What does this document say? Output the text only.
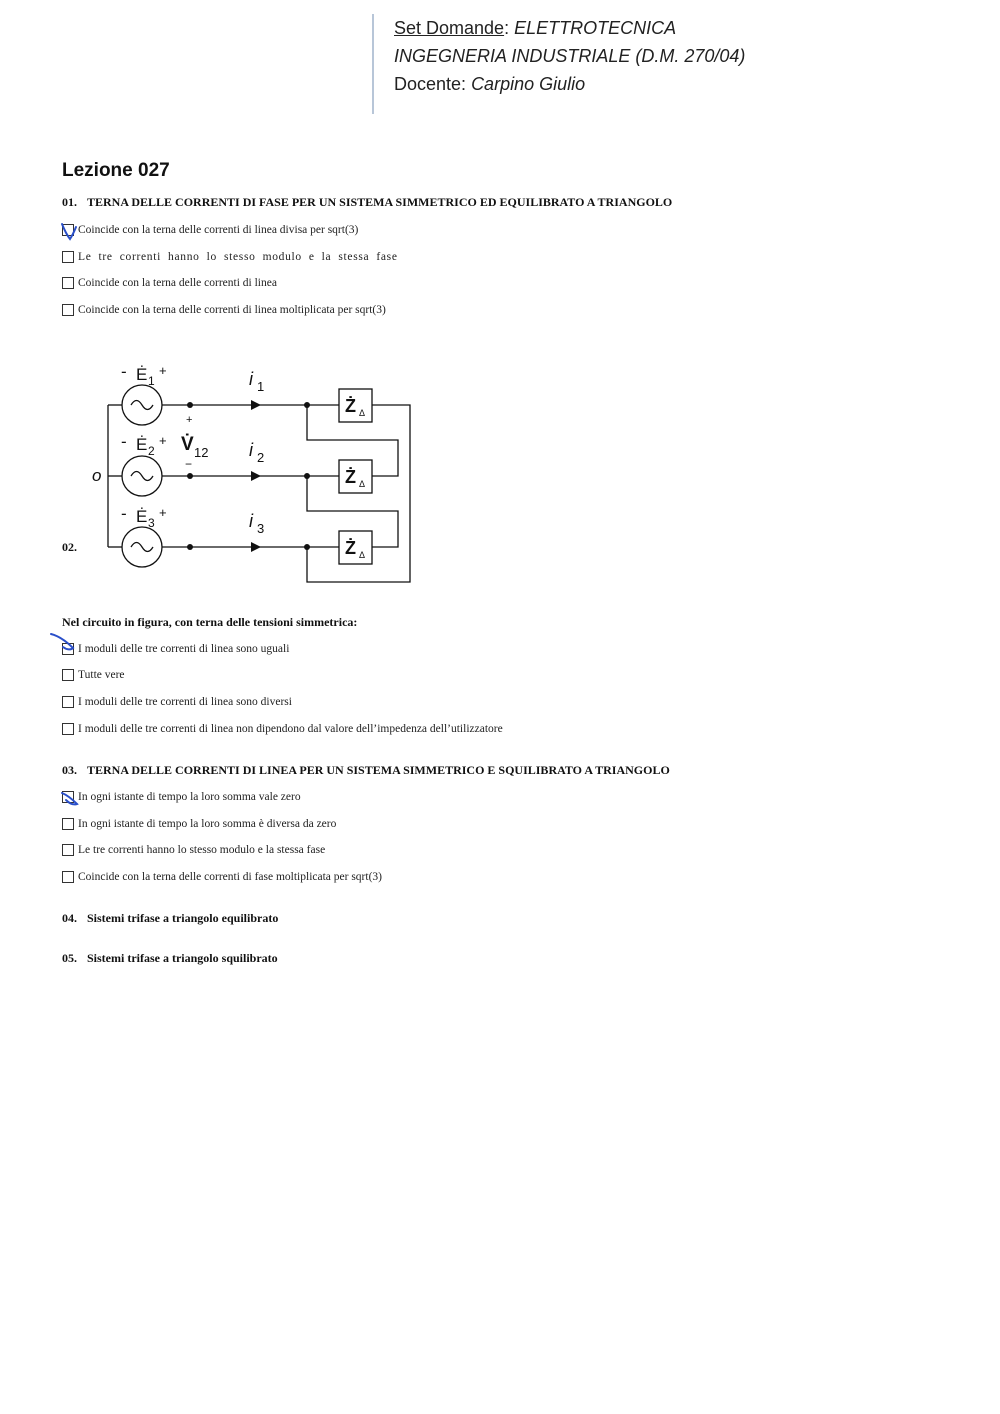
Set Domande: ELETTROTECNICA
INGEGNERIA INDUSTRIALE (D.M. 270/04)
Docente: Carpino Giulio
Lezione 027
01. TERNA DELLE CORRENTI DI FASE PER UN SISTEMA SIMMETRICO ED EQUILIBRATO A TRIANGOLO
Coincide con la terna delle correnti di linea divisa per sqrt(3)
Le tre correnti hanno lo stesso modulo e la stessa fase
Coincide con la terna delle correnti di linea
Coincide con la terna delle correnti di linea moltiplicata per sqrt(3)
02.
- Ė 1
+
- Ė 2
+
- Ė 3
+
o
+
V̇ 12
−
i 1
i 2
i 3
Ż Δ
Ż Δ
Ż Δ
Nel circuito in figura, con terna delle tensioni simmetrica:
I moduli delle tre correnti di linea sono uguali
Tutte vere
I moduli delle tre correnti di linea sono diversi
I moduli delle tre correnti di linea non dipendono dal valore dell’impedenza dell’utilizzatore
03. TERNA DELLE CORRENTI DI LINEA PER UN SISTEMA SIMMETRICO E SQUILIBRATO A TRIANGOLO
In ogni istante di tempo la loro somma vale zero
In ogni istante di tempo la loro somma è diversa da zero
Le tre correnti hanno lo stesso modulo e la stessa fase
Coincide con la terna delle correnti di fase moltiplicata per sqrt(3)
04. Sistemi trifase a triangolo equilibrato
05. Sistemi trifase a triangolo squilibrato
